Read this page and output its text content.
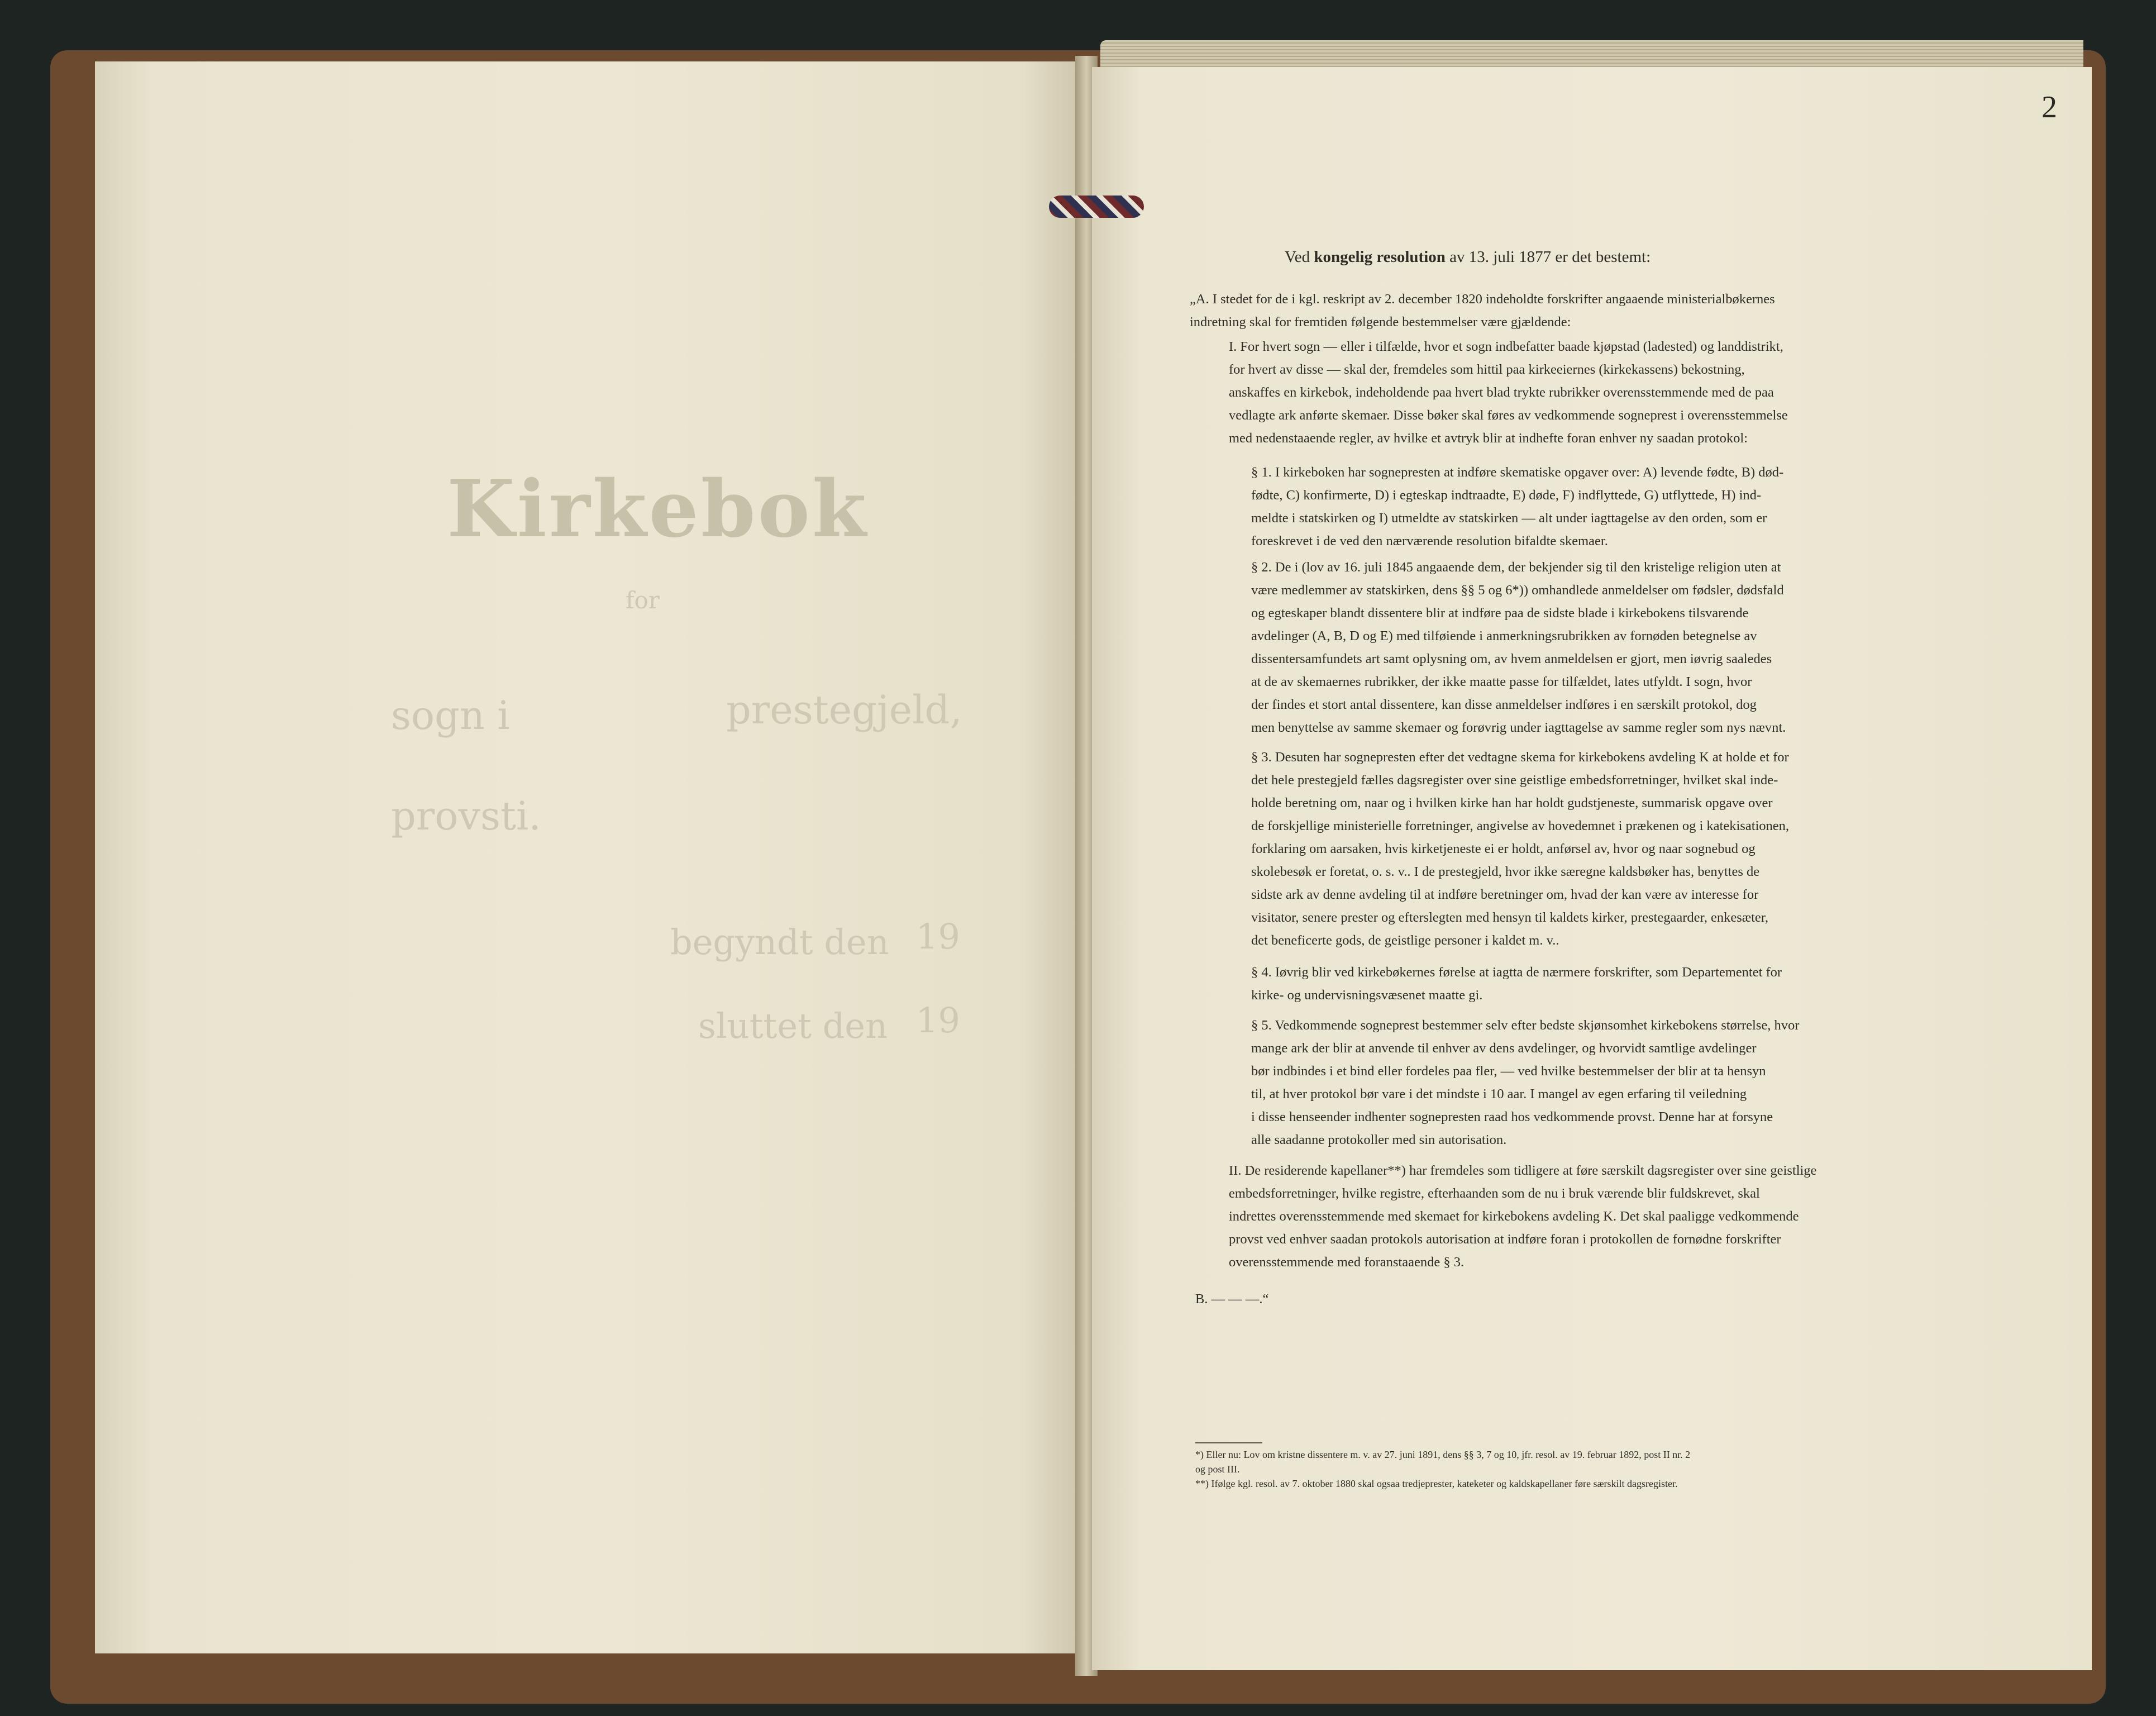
Kirkebok
for
sogn i	prestegjeld,
provsti.
begyndt den 19
sluttet den 19
2
Ved kongelig resolution av 13. juli 1877 er det bestemt:
„A. I stedet for de i kgl. reskript av 2. december 1820 indeholdte forskrifter angaaende ministerialbøkernes
indretning skal for fremtiden følgende bestemmelser være gjældende:
I. For hvert sogn — eller i tilfælde, hvor et sogn indbefatter baade kjøpstad (ladested) og landdistrikt,
for hvert av disse — skal der, fremdeles som hittil paa kirkeeiernes (kirkekassens) bekostning,
anskaffes en kirkebok, indeholdende paa hvert blad trykte rubrikker overensstemmende med de paa
vedlagte ark anførte skemaer. Disse bøker skal føres av vedkommende sogneprest i overensstemmelse
med nedenstaaende regler, av hvilke et avtryk blir at indhefte foran enhver ny saadan protokol:
§ 1. I kirkeboken har sognepresten at indføre skematiske opgaver over: A) levende fødte, B) død-
fødte, C) konfirmerte, D) i egteskap indtraadte, E) døde, F) indflyttede, G) utflyttede, H) ind-
meldte i statskirken og I) utmeldte av statskirken — alt under iagttagelse av den orden, som er
foreskrevet i de ved den nærværende resolution bifaldte skemaer.
§ 2. De i (lov av 16. juli 1845 angaaende dem, der bekjender sig til den kristelige religion uten at
være medlemmer av statskirken, dens §§ 5 og 6*)) omhandlede anmeldelser om fødsler, dødsfald
og egteskaper blandt dissentere blir at indføre paa de sidste blade i kirkebokens tilsvarende
avdelinger (A, B, D og E) med tilføiende i anmerkningsrubrikken av fornøden betegnelse av
dissentersamfundets art samt oplysning om, av hvem anmeldelsen er gjort, men iøvrig saaledes
at de av skemaernes rubrikker, der ikke maatte passe for tilfældet, lates utfyldt. I sogn, hvor
der findes et stort antal dissentere, kan disse anmeldelser indføres i en særskilt protokol, dog
men benyttelse av samme skemaer og forøvrig under iagttagelse av samme regler som nys nævnt.
§ 3. Desuten har sognepresten efter det vedtagne skema for kirkebokens avdeling K at holde et for
det hele prestegjeld fælles dagsregister over sine geistlige embedsforretninger, hvilket skal inde-
holde beretning om, naar og i hvilken kirke han har holdt gudstjeneste, summarisk opgave over
de forskjellige ministerielle forretninger, angivelse av hovedemnet i prækenen og i katekisationen,
forklaring om aarsaken, hvis kirketjeneste ei er holdt, anførsel av, hvor og naar sognebud og
skolebesøk er foretat, o. s. v.. I de prestegjeld, hvor ikke særegne kaldsbøker has, benyttes de
sidste ark av denne avdeling til at indføre beretninger om, hvad der kan være av interesse for
visitator, senere prester og efterslegten med hensyn til kaldets kirker, prestegaarder, enkesæter,
det beneficerte gods, de geistlige personer i kaldet m. v..
§ 4. Iøvrig blir ved kirkebøkernes førelse at iagtta de nærmere forskrifter, som Departementet for
kirke- og undervisningsvæsenet maatte gi.
§ 5. Vedkommende sogneprest bestemmer selv efter bedste skjønsomhet kirkebokens størrelse, hvor
mange ark der blir at anvende til enhver av dens avdelinger, og hvorvidt samtlige avdelinger
bør indbindes i et bind eller fordeles paa fler, — ved hvilke bestemmelser der blir at ta hensyn
til, at hver protokol bør vare i det mindste i 10 aar. I mangel av egen erfaring til veiledning
i disse henseender indhenter sognepresten raad hos vedkommende provst. Denne har at forsyne
alle saadanne protokoller med sin autorisation.
II. De residerende kapellaner**) har fremdeles som tidligere at føre særskilt dagsregister over sine geistlige
embedsforretninger, hvilke registre, efterhaanden som de nu i bruk værende blir fuldskrevet, skal
indrettes overensstemmende med skemaet for kirkebokens avdeling K. Det skal paaligge vedkommende
provst ved enhver saadan protokols autorisation at indføre foran i protokollen de fornødne forskrifter
overensstemmende med foranstaaende § 3.
B. — — —.“
*) Eller nu: Lov om kristne dissentere m. v. av 27. juni 1891, dens §§ 3, 7 og 10, jfr. resol. av 19. februar 1892, post II nr. 2
og post III.
**) Ifølge kgl. resol. av 7. oktober 1880 skal ogsaa tredjeprester, kateketer og kaldskapellaner føre særskilt dagsregister.
